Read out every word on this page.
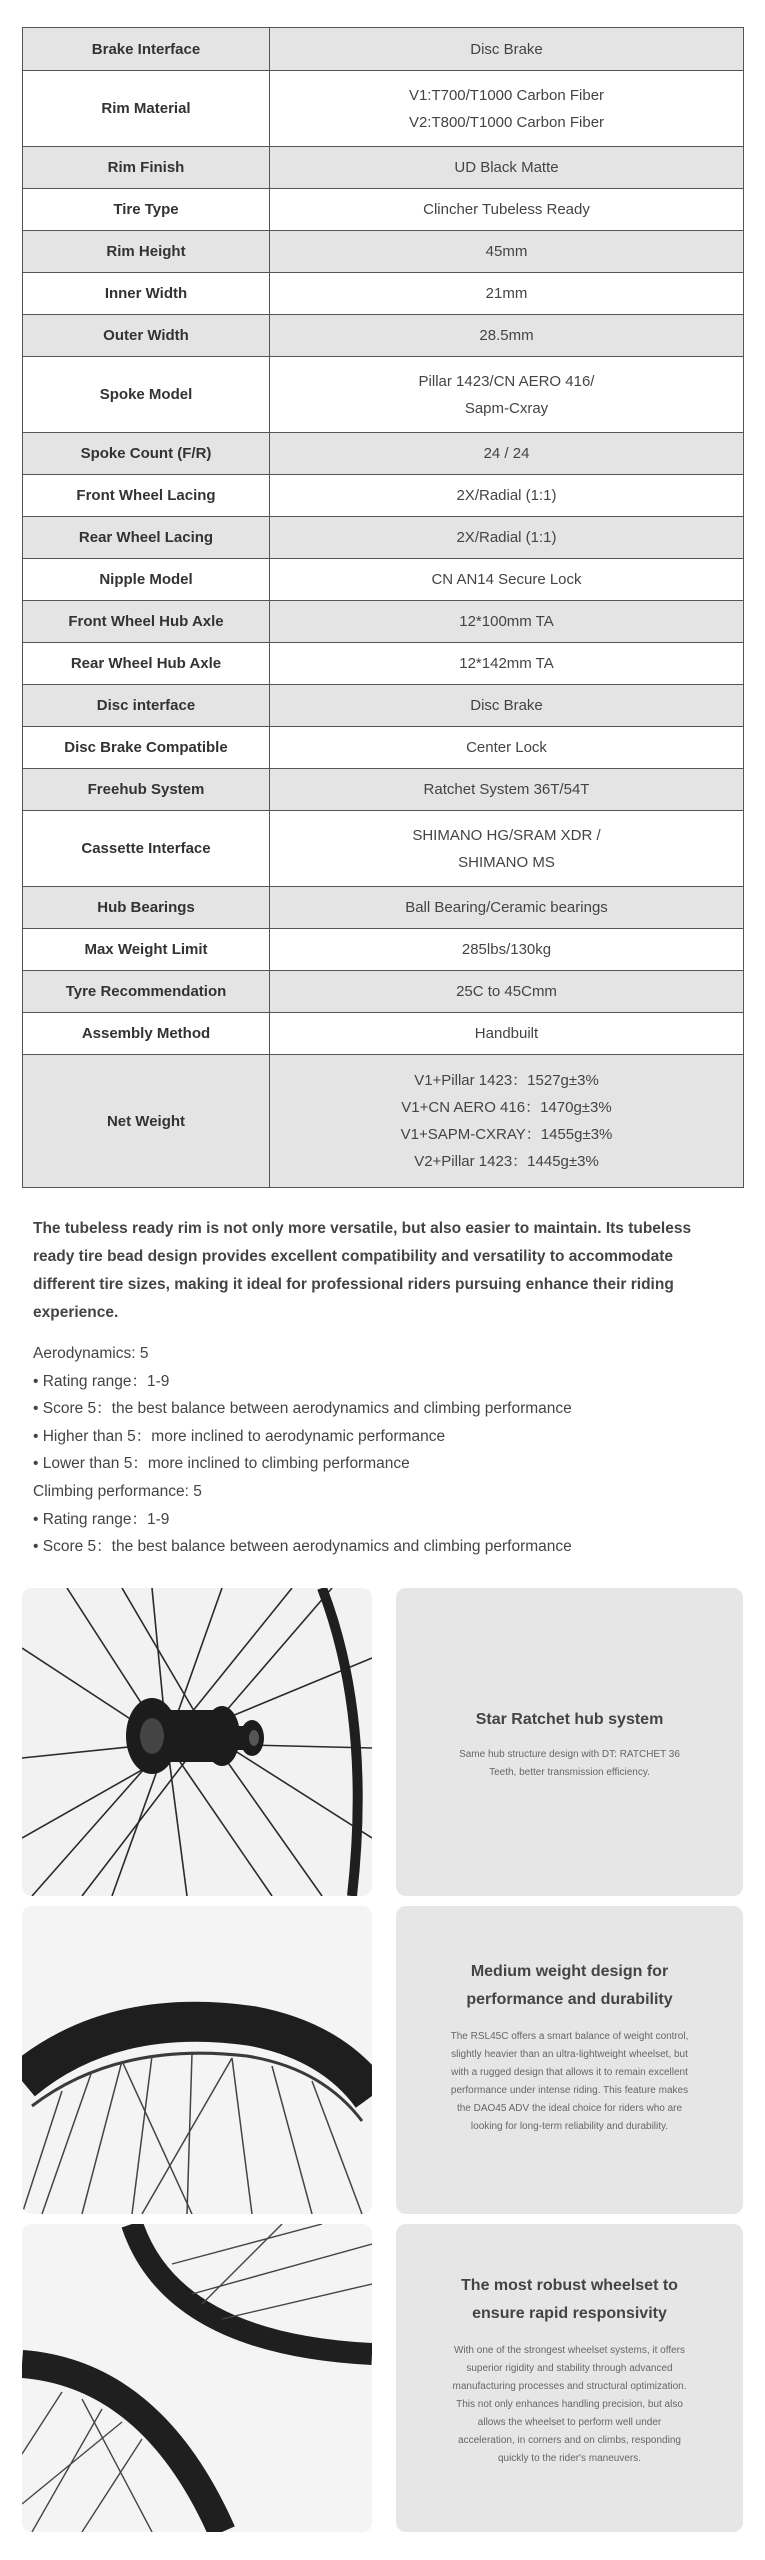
Brake Interface	Disc Brake

Rim Material	V1:T700/T1000 Carbon Fiber
V2:T800/T1000 Carbon Fiber

Rim Finish	UD Black Matte

Tire Type	Clincher Tubeless Ready

Rim Height	45mm

Inner Width	21mm

Outer Width	28.5mm

Spoke Model	Pillar 1423/CN AERO 416/
Sapm-Cxray

Spoke Count (F/R)	24 / 24

Front Wheel Lacing	2X/Radial (1:1)

Rear Wheel Lacing	2X/Radial (1:1)

Nipple Model	CN AN14 Secure Lock

Front Wheel Hub Axle	12*100mm TA

Rear Wheel Hub Axle	12*142mm TA

Disc interface	Disc Brake

Disc Brake Compatible	Center Lock

Freehub System	Ratchet System 36T/54T

Cassette Interface	SHIMANO HG/SRAM XDR /
SHIMANO MS

Hub Bearings	Ball Bearing/Ceramic bearings

Max Weight Limit	285lbs/130kg

Tyre Recommendation	25C to 45Cmm

Assembly Method	Handbuilt

Net Weight	V1+Pillar 1423：1527g±3%
V1+CN AERO 416：1470g±3%
V1+SAPM-CXRAY：1455g±3%
V2+Pillar 1423：1445g±3%

The tubeless ready rim is not only more versatile, but also easier to maintain. Its tubeless ready tire bead design provides excellent compatibility and versatility to accommodate different tire sizes, making it ideal for professional riders pursuing enhance their riding experience.

Aerodynamics: 5
• Rating range：1-9
• Score 5：the best balance between aerodynamics and climbing performance
• Higher than 5：more inclined to aerodynamic performance
• Lower than 5：more inclined to climbing performance
Climbing performance: 5
• Rating range：1-9
• Score 5：the best balance between aerodynamics and climbing performance
Star Ratchet hub system

Same hub structure design with DT: RATCHET 36 Teeth, better transmission efficiency.

Medium weight design for performance and durability

The RSL45C offers a smart balance of weight control, slightly heavier than an ultra-lightweight wheelset, but with a rugged design that allows it to remain excellent performance under intense riding. This feature makes the DAO45 ADV the ideal choice for riders who are looking for long-term reliability and durability.

The most robust wheelset to ensure rapid responsivity

With one of the strongest wheelset systems, it offers superior rigidity and stability through advanced manufacturing processes and structural optimization. This not only enhances handling precision, but also allows the wheelset to perform well under acceleration, in corners and on climbs, responding quickly to the rider's maneuvers.
